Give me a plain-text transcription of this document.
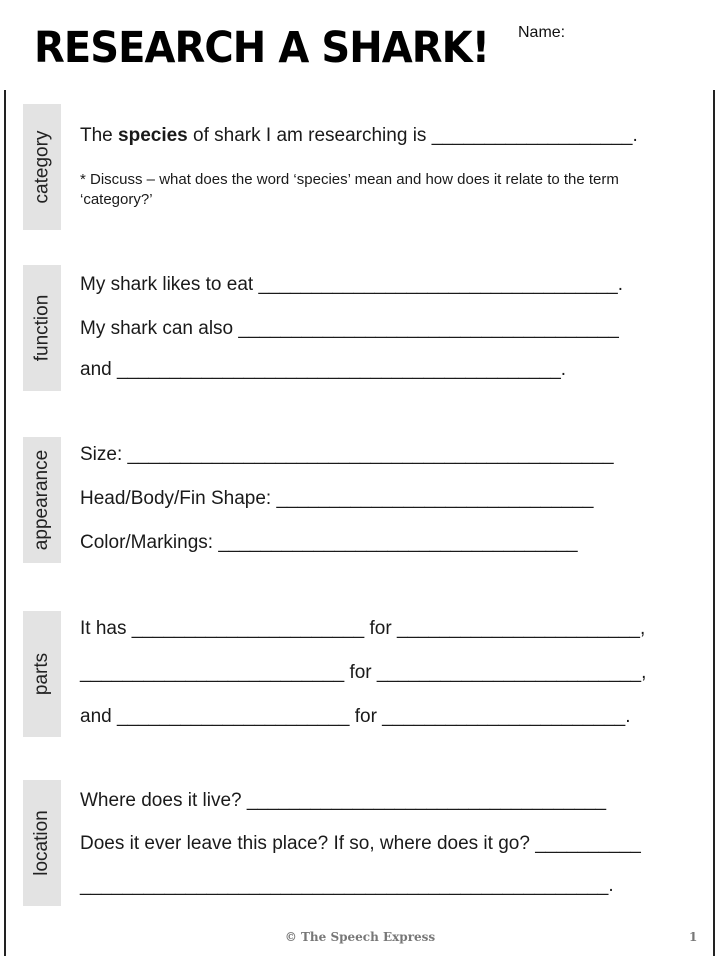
RESEARCH A SHARK! Name:
category The species of shark I am researching is ___________________.
* Discuss – what does the word ‘species’ mean and how does it relate to the term ‘category?’
function
My shark likes to eat __________________________________.
My shark can also ____________________________________
and __________________________________________.
appearance Size: ______________________________________________
Head/Body/Fin Shape: ______________________________
Color/Markings: __________________________________
parts
It has ______________________ for _______________________,
_________________________ for _________________________,
and ______________________ for _______________________.
location
Where does it live? __________________________________
Does it ever leave this place? If so, where does it go? __________
__________________________________________________.
© The Speech Express	1
